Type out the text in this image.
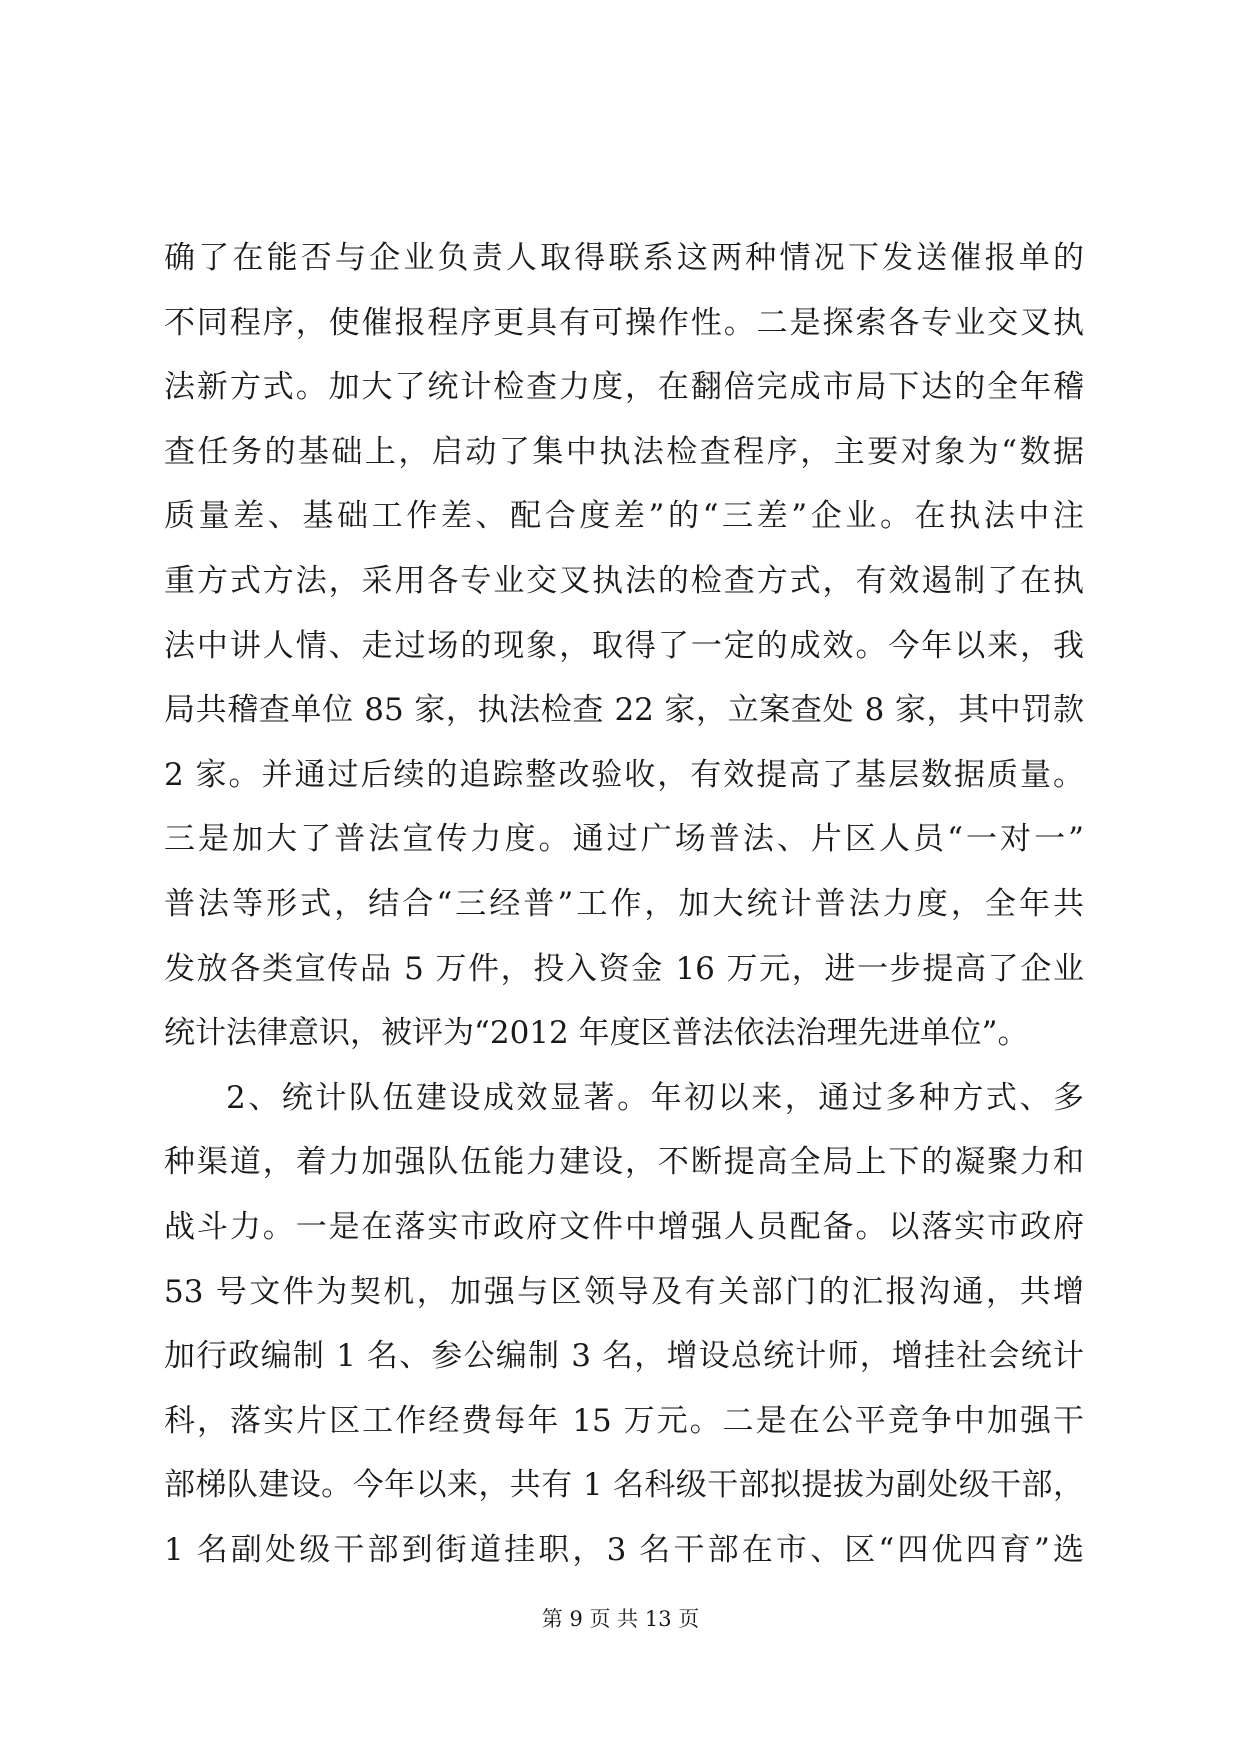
确了在能否与企业负责人取得联系这两种情况下发送催报单的
不同程序，使催报程序更具有可操作性。二是探索各专业交叉执
法新方式。加大了统计检查力度，在翻倍完成市局下达的全年稽
查任务的基础上，启动了集中执法检查程序，主要对象为“数据
质量差、基础工作差、配合度差”的“三差”企业。在执法中注
重方式方法，采用各专业交叉执法的检查方式，有效遏制了在执
法中讲人情、走过场的现象，取得了一定的成效。今年以来，我
局共稽查单位 85 家，执法检查 22 家，立案查处 8 家，其中罚款
2 家。并通过后续的追踪整改验收，有效提高了基层数据质量。
三是加大了普法宣传力度。通过广场普法、片区人员“一对一”
普法等形式，结合“三经普”工作，加大统计普法力度，全年共
发放各类宣传品 5 万件，投入资金 16 万元，进一步提高了企业
统计法律意识，被评为“2012 年度区普法依法治理先进单位”。
2、统计队伍建设成效显著。年初以来，通过多种方式、多
种渠道，着力加强队伍能力建设，不断提高全局上下的凝聚力和
战斗力。一是在落实市政府文件中增强人员配备。以落实市政府
53 号文件为契机，加强与区领导及有关部门的汇报沟通，共增
加行政编制 1 名、参公编制 3 名，增设总统计师，增挂社会统计
科，落实片区工作经费每年 15 万元。二是在公平竞争中加强干
部梯队建设。今年以来，共有 1 名科级干部拟提拔为副处级干部，
1 名副处级干部到街道挂职，3 名干部在市、区“四优四育”选
第 9 页 共 13 页
